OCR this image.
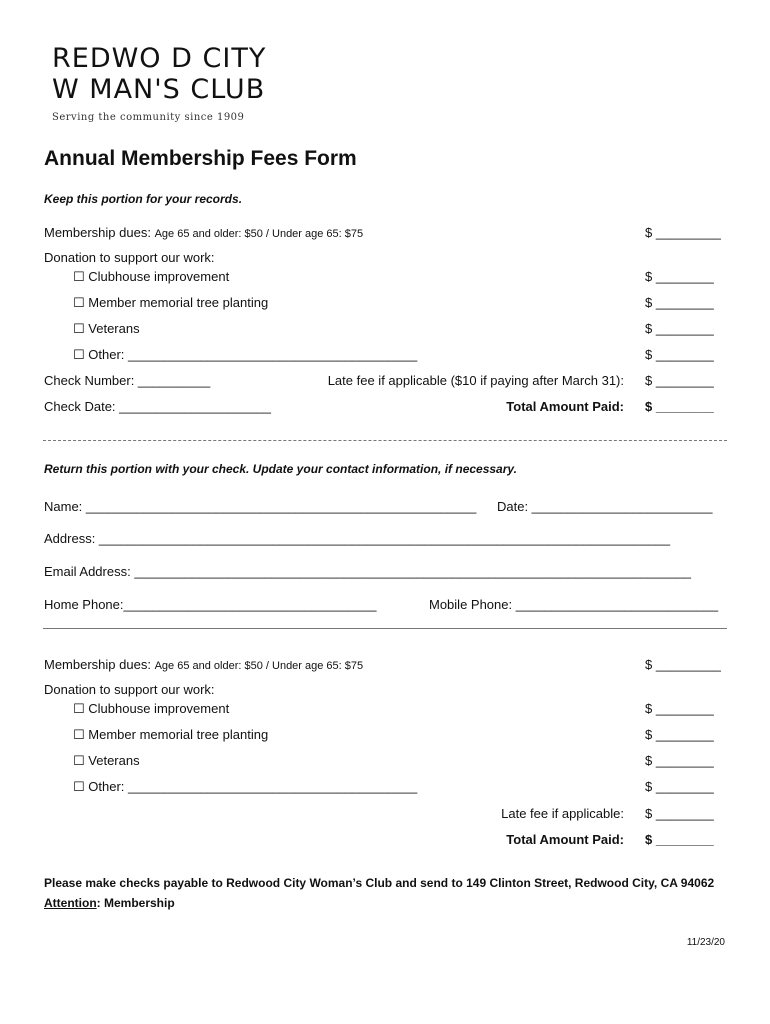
REDWO D CITY
W MAN'S CLUB
Serving the community since 1909
Annual Membership Fees Form
Keep this portion for your records.
Membership dues: Age 65 and older: $50 / Under age 65: $75	$ _________
Donation to support our work:
☐ Clubhouse improvement	$ ________
☐ Member memorial tree planting	$ ________
☐ Veterans	$ ________
☐ Other: ________________________________________	$ ________
Check Number: __________	Late fee if applicable ($10 if paying after March 31): $ ________
Check Date: _____________________	Total Amount Paid: $ ________
Return this portion with your check. Update your contact information, if necessary.
Name: ______________________________________________________ Date: _________________________
Address: _______________________________________________________________________________
Email Address: _____________________________________________________________________________
Home Phone:___________________________________	Mobile Phone: ____________________________
Membership dues: Age 65 and older: $50 / Under age 65: $75	$ _________
Donation to support our work:
☐ Clubhouse improvement	$ ________
☐ Member memorial tree planting	$ ________
☐ Veterans	$ ________
☐ Other: ________________________________________	$ ________
Late fee if applicable: $ ________
Total Amount Paid: $ ________
Please make checks payable to Redwood City Woman’s Club and send to 149 Clinton Street, Redwood City, CA 94062
Attention: Membership
11/23/20
